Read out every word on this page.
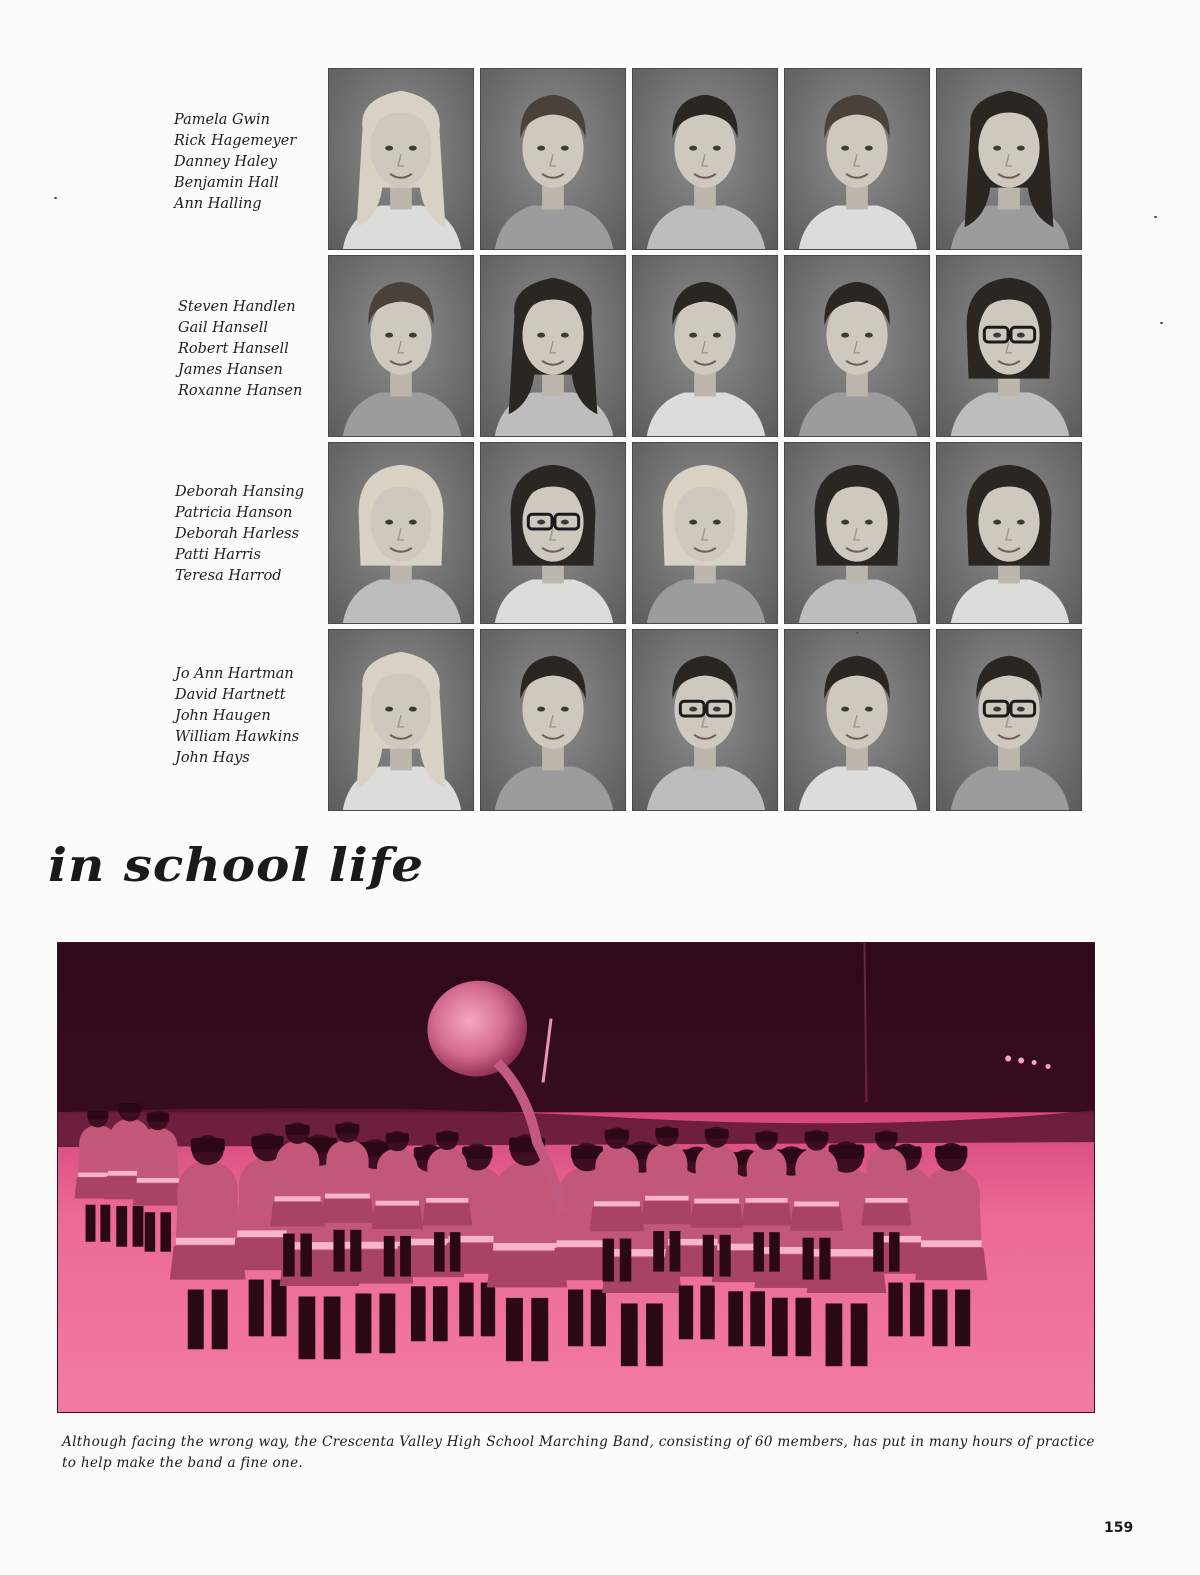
Pamela Gwin
Rick Hagemeyer
Danney Haley
Benjamin Hall
Ann Halling
Steven Handlen
Gail Hansell
Robert Hansell
James Hansen
Roxanne Hansen
Deborah Hansing
Patricia Hanson
Deborah Harless
Patti Harris
Teresa Harrod
Jo Ann Hartman
David Hartnett
John Haugen
William Hawkins
John Hays
in school life

Although facing the wrong way, the Crescenta Valley High School Marching Band, consisting of 60 members, has put in many hours of practice to help make the band a fine one.

159
